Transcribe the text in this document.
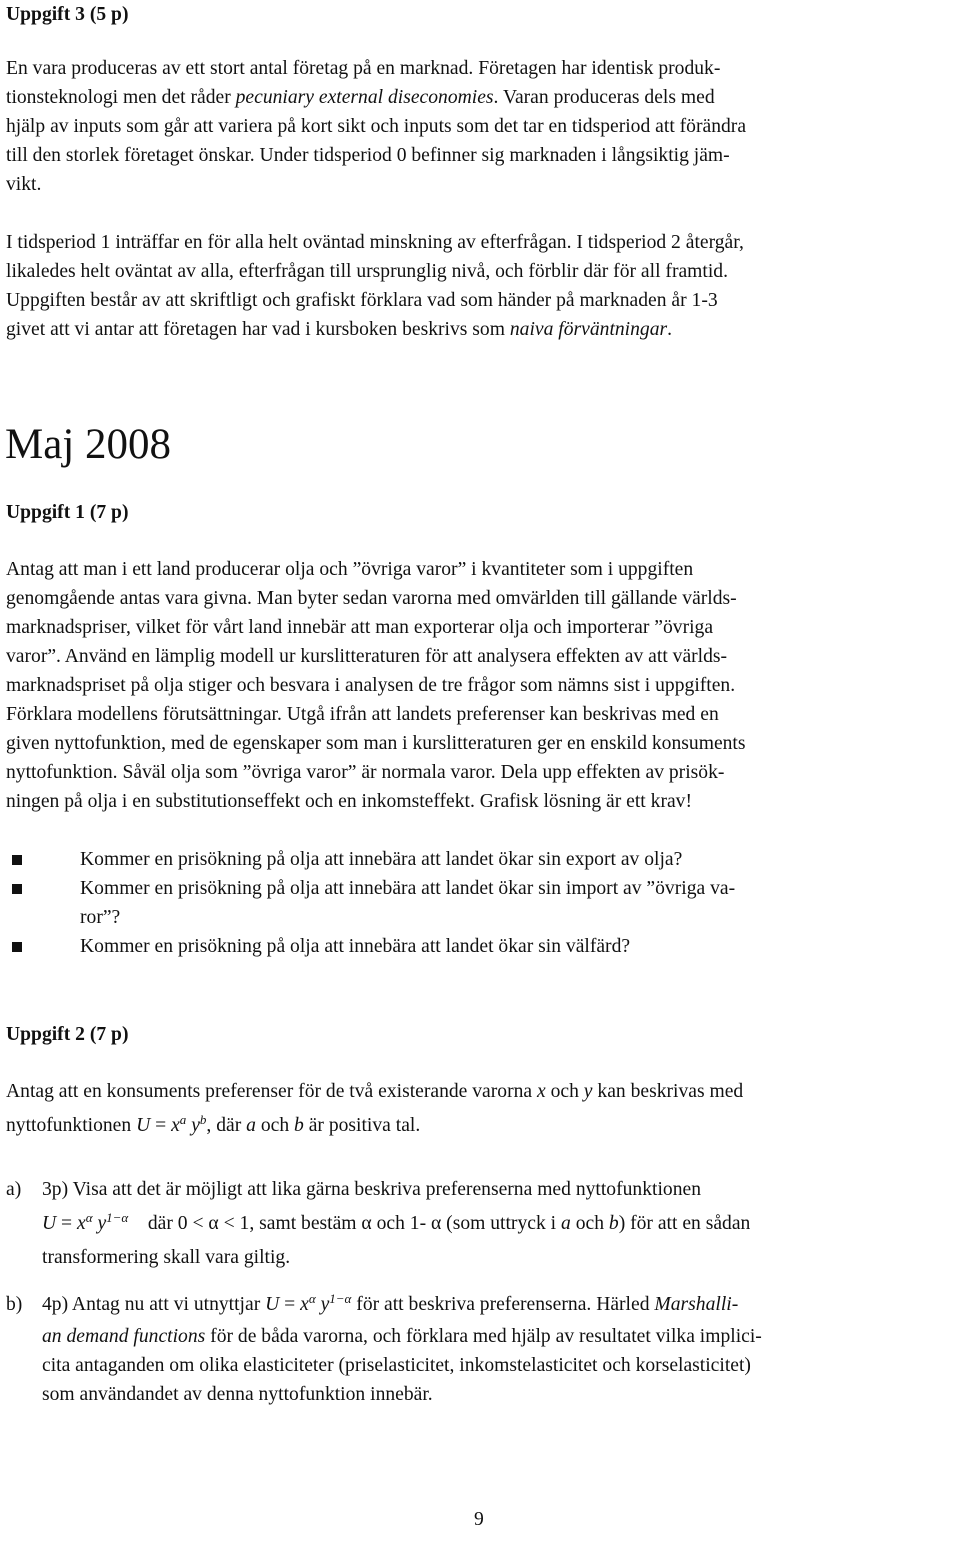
Uppgift 3 (5 p)
En vara produceras av ett stort antal företag på en marknad. Företagen har identisk produk-
tionsteknologi men det råder pecuniary external diseconomies. Varan produceras dels med
hjälp av inputs som går att variera på kort sikt och inputs som det tar en tidsperiod att förändra
till den storlek företaget önskar. Under tidsperiod 0 befinner sig marknaden i långsiktig jäm-
vikt.
I tidsperiod 1 inträffar en för alla helt oväntad minskning av efterfrågan. I tidsperiod 2 återgår,
likaledes helt oväntat av alla, efterfrågan till ursprunglig nivå, och förblir där för all framtid.
Uppgiften består av att skriftligt och grafiskt förklara vad som händer på marknaden år 1-3
givet att vi antar att företagen har vad i kursboken beskrivs som naiva förväntningar.
Maj 2008
Uppgift 1 (7 p)
Antag att man i ett land producerar olja och ”övriga varor” i kvantiteter som i uppgiften
genomgående antas vara givna. Man byter sedan varorna med omvärlden till gällande världs-
marknadspriser, vilket för vårt land innebär att man exporterar olja och importerar ”övriga
varor”. Använd en lämplig modell ur kurslitteraturen för att analysera effekten av att världs-
marknadspriset på olja stiger och besvara i analysen de tre frågor som nämns sist i uppgiften.
Förklara modellens förutsättningar. Utgå ifrån att landets preferenser kan beskrivas med en
given nyttofunktion, med de egenskaper som man i kurslitteraturen ger en enskild konsuments
nyttofunktion. Såväl olja som ”övriga varor” är normala varor. Dela upp effekten av prisök-
ningen på olja i en substitutionseffekt och en inkomsteffekt. Grafisk lösning är ett krav!
Kommer en prisökning på olja att innebära att landet ökar sin export av olja?
Kommer en prisökning på olja att innebära att landet ökar sin import av ”övriga va-
ror”?
Kommer en prisökning på olja att innebära att landet ökar sin välfärd?
Uppgift 2 (7 p)
Antag att en konsuments preferenser för de två existerande varorna x och y kan beskrivas med
nyttofunktionen $U = x^a$ $y^b$, där a och b är positiva tal.
a) 3p) Visa att det är möjligt att lika gärna beskriva preferenserna med nyttofunktionen
$U = x^\alpha$ $y^{1-\alpha}$ där 0 < α < 1, samt bestäm α och 1- α (som uttryck i a och b) för att en sådan
transformering skall vara giltig.
b) 4p) Antag nu att vi utnyttjar $U = x^\alpha$ $y^{1-\alpha}$ för att beskriva preferenserna. Härled Marshalli-
an demand functions för de båda varorna, och förklara med hjälp av resultatet vilka implici-
cita antaganden om olika elasticiteter (priselasticitet, inkomstelasticitet och korselasticitet)
som användandet av denna nyttofunktion innebär.
9
